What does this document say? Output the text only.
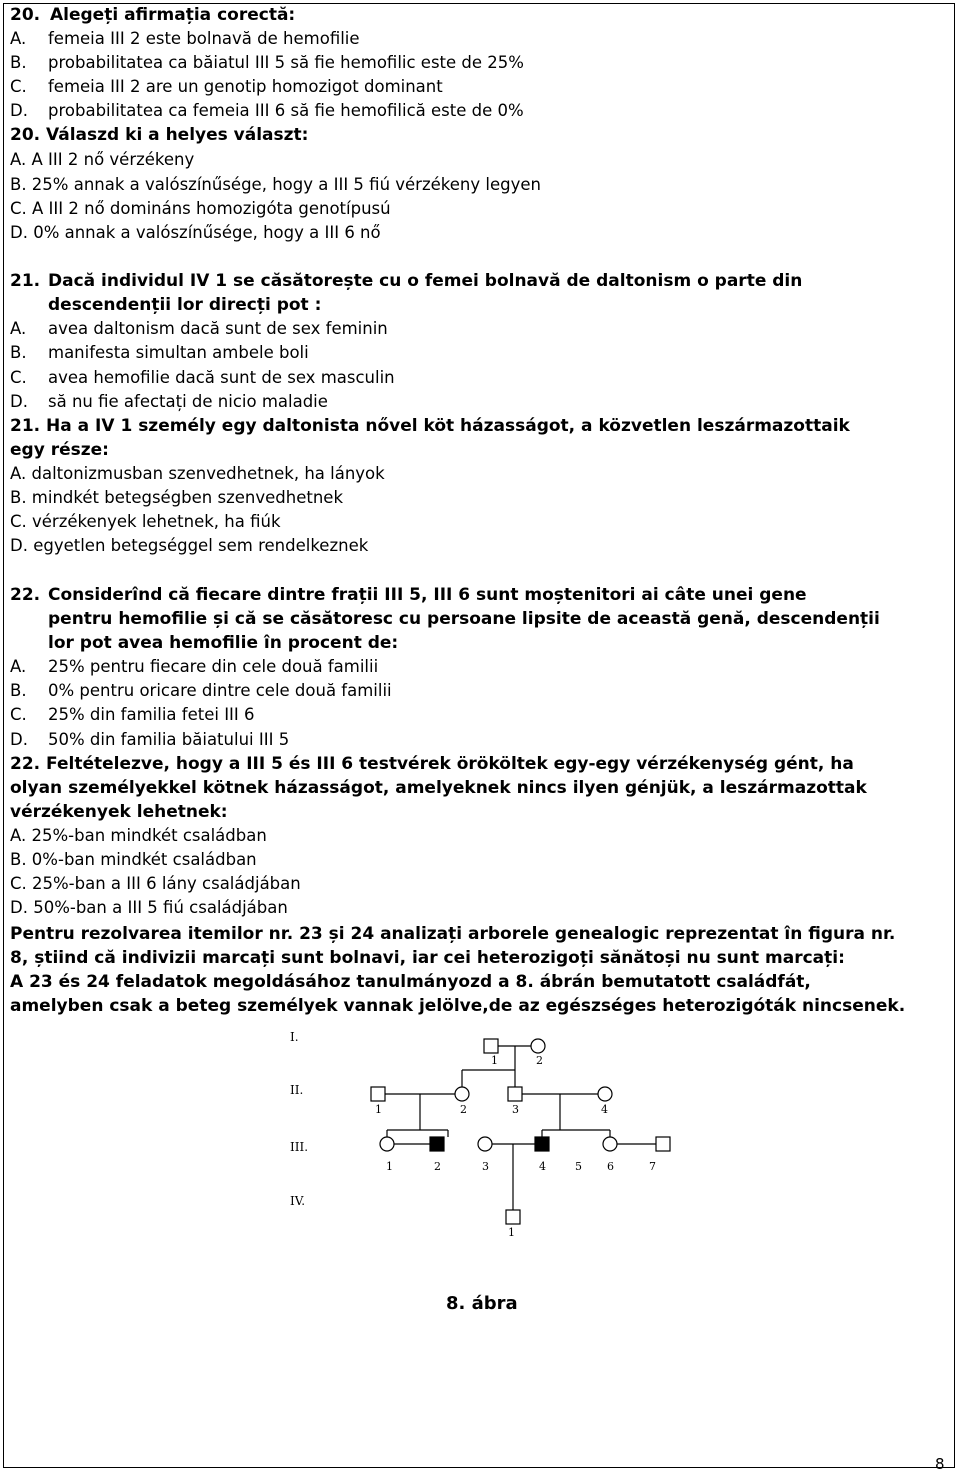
20. Alegeți afirmația corectă:
A. femeia III 2 este bolnavă de hemofilie
B. probabilitatea ca băiatul III 5 să fie hemofilic este de 25%
C. femeia III 2 are un genotip homozigot dominant
D. probabilitatea ca femeia III 6 să fie hemofilică este de 0%
20. Válaszd ki a helyes választ:
A. A III 2 nő vérzékeny
B. 25% annak a valószínűsége, hogy a III 5 fiú vérzékeny legyen
C. A III 2 nő domináns homozigóta genotípusú
D. 0% annak a valószínűsége, hogy a III 6 nő
21. Dacă individul IV 1 se căsătorește cu o femei bolnavă de daltonism o parte din
descendenții lor direcți pot :
A. avea daltonism dacă sunt de sex feminin
B. manifesta simultan ambele boli
C. avea hemofilie dacă sunt de sex masculin
D. să nu fie afectați de nicio maladie
21. Ha a IV 1 személy egy daltonista nővel köt házasságot, a közvetlen leszármazottaik
egy része:
A. daltonizmusban szenvedhetnek, ha lányok
B. mindkét betegségben szenvedhetnek
C. vérzékenyek lehetnek, ha fiúk
D. egyetlen betegséggel sem rendelkeznek
22. Considerînd că fiecare dintre frații III 5, III 6 sunt moștenitori ai câte unei gene
pentru hemofilie și că se căsătoresc cu persoane lipsite de această genă, descendenții
lor pot avea hemofilie în procent de:
A. 25% pentru fiecare din cele două familii
B. 0% pentru oricare dintre cele două familii
C. 25% din familia fetei III 6
D. 50% din familia băiatului III 5
22. Feltételezve, hogy a III 5 és III 6 testvérek örököltek egy-egy vérzékenység gént, ha
olyan személyekkel kötnek házasságot, amelyeknek nincs ilyen génjük, a leszármazottak
vérzékenyek lehetnek:
A. 25%-ban mindkét családban
B. 0%-ban mindkét családban
C. 25%-ban a III 6 lány családjában
D. 50%-ban a III 5 fiú családjában
Pentru rezolvarea itemilor nr. 23 și 24 analizați arborele genealogic reprezentat în figura nr.
8, știind că indivizii marcați sunt bolnavi, iar cei heterozigoți sănătoși nu sunt marcați:
A 23 és 24 feladatok megoldásához tanulmányozd a 8. ábrán bemutatott családfát,
amelyben csak a beteg személyek vannak jelölve,de az egészséges heterozigóták nincsenek.
I.
II.
III.
IV.
1	2
1	2	3	4
1	2	3	4	5 6	7
1
8. ábra
8
